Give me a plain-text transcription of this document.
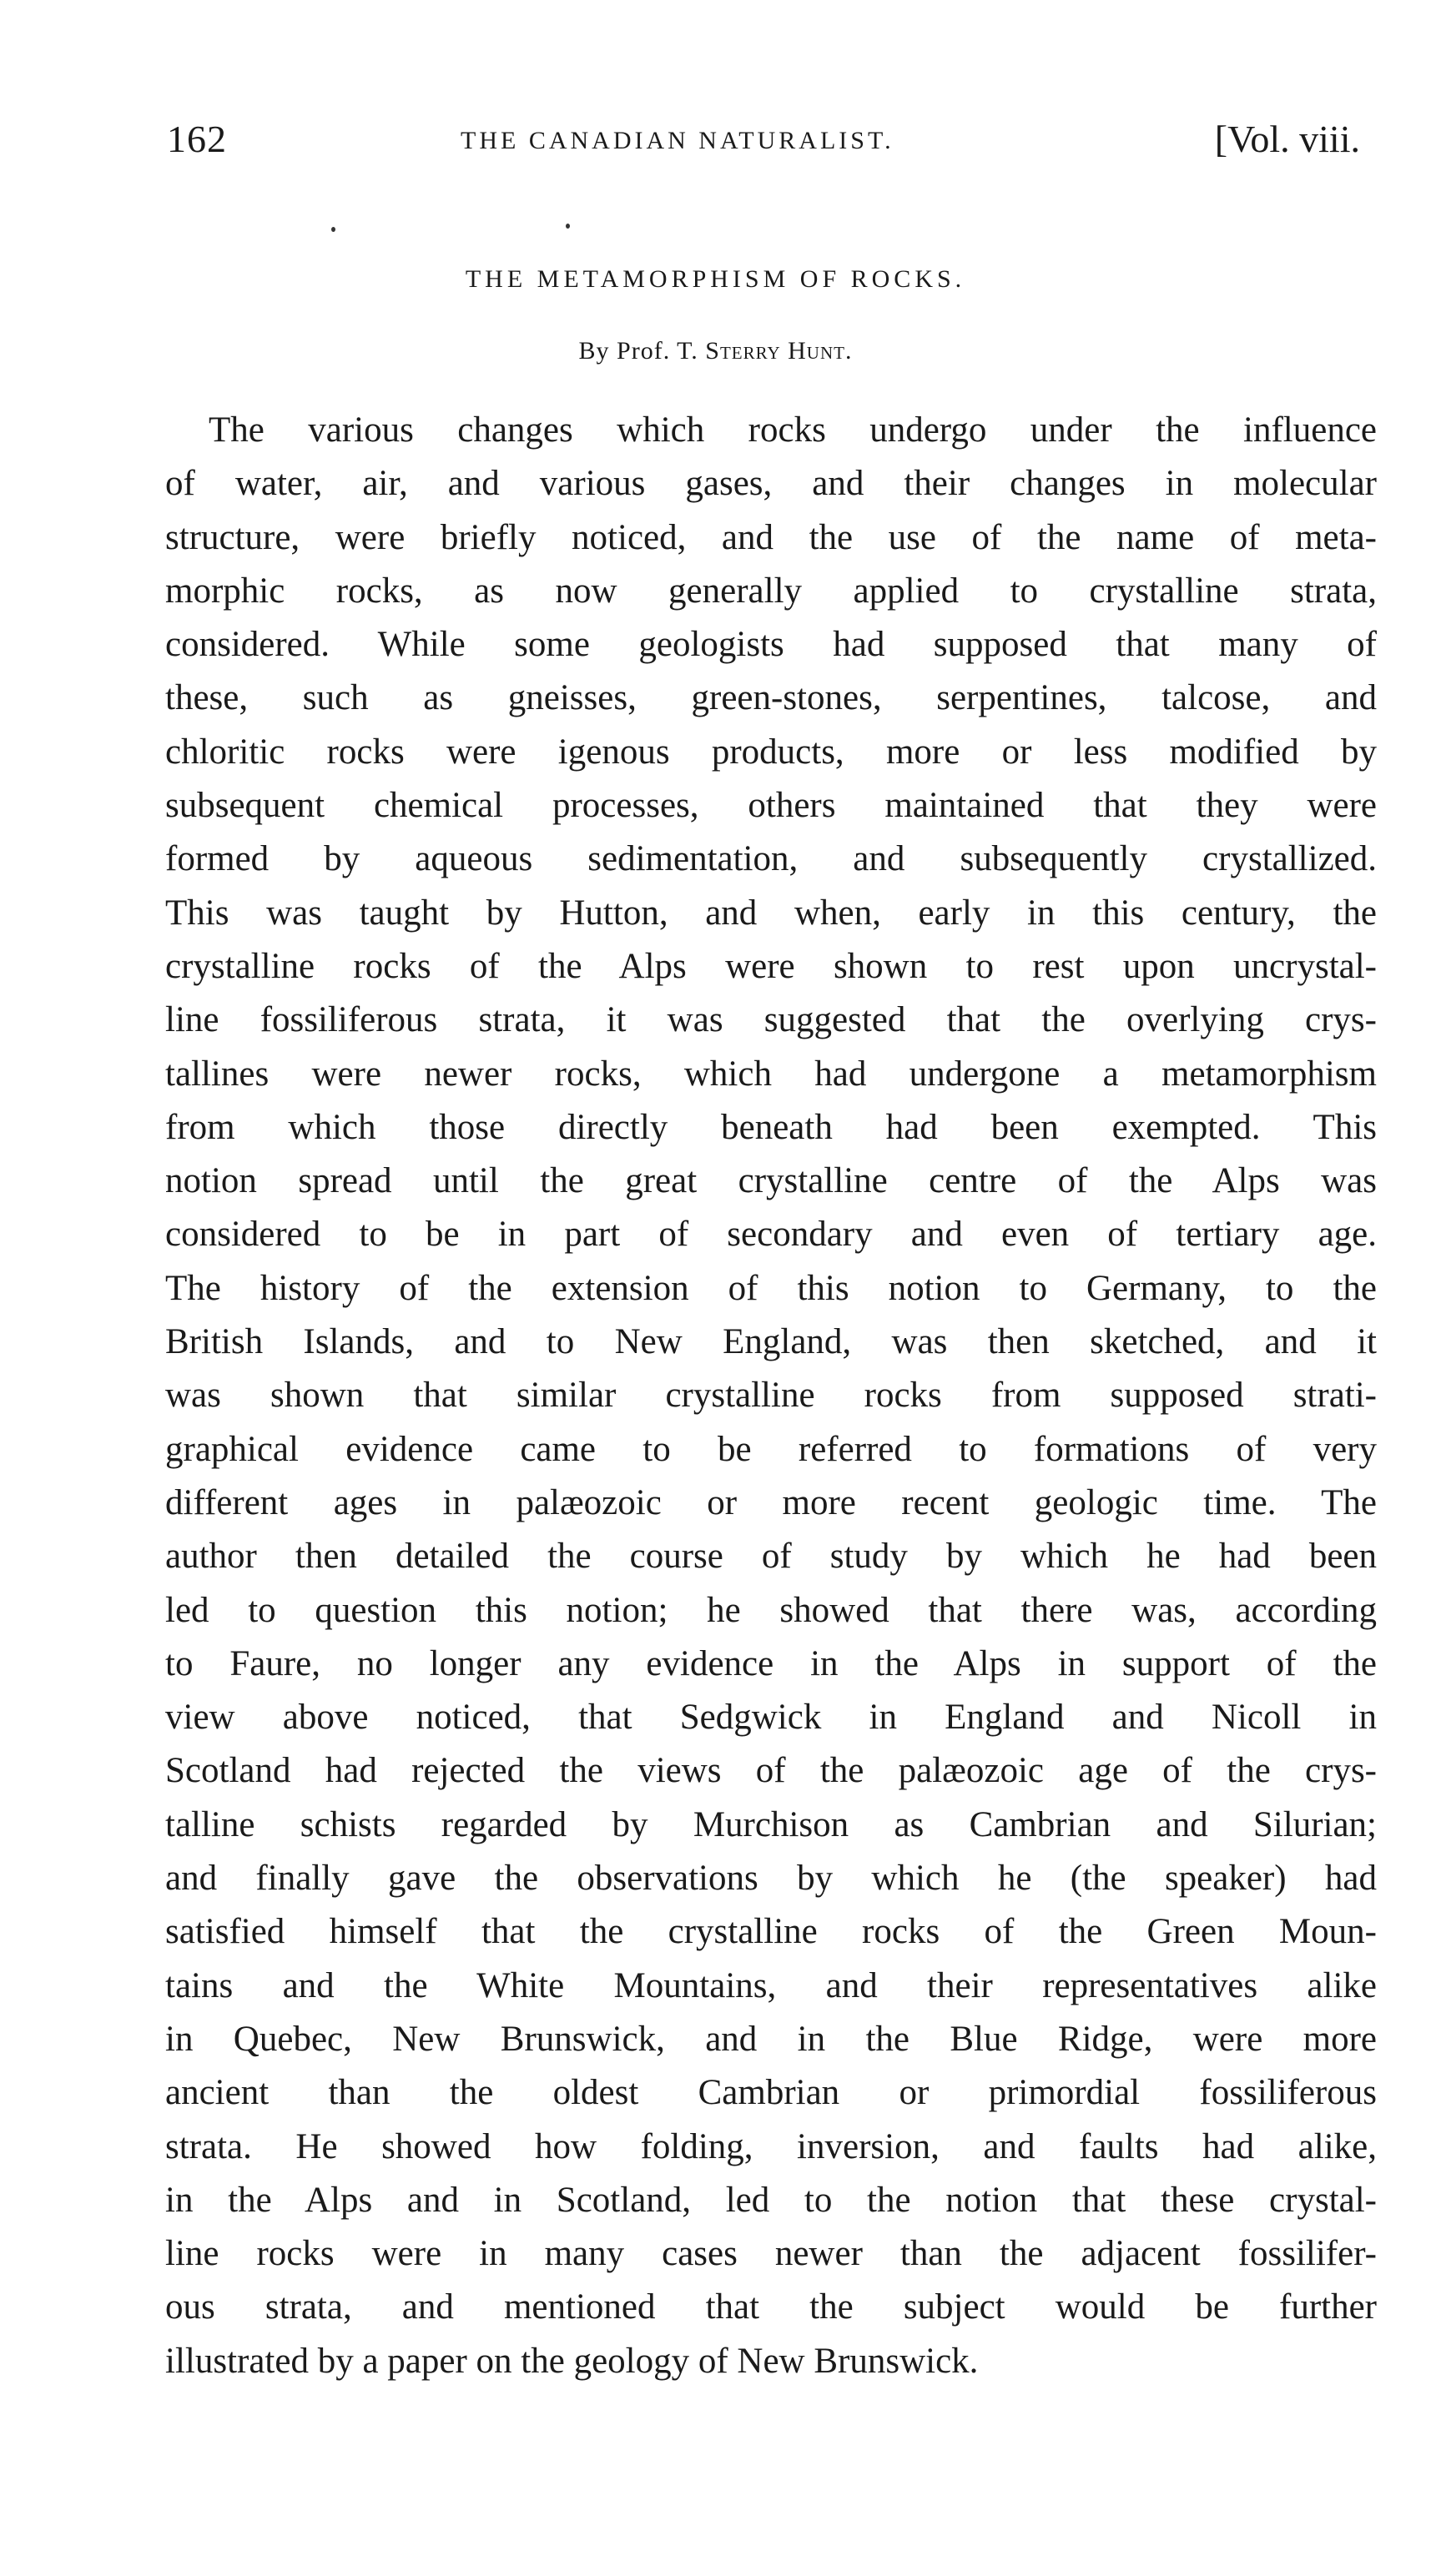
162	THE CANADIAN NATURALIST.	[Vol. viii.
THE METAMORPHISM OF ROCKS.
By Prof. T. Sterry Hunt.
The various changes which rocks undergo under the influence
of water, air, and various gases, and their changes in molecular
structure, were briefly noticed, and the use of the name of meta-
morphic rocks, as now generally applied to crystalline strata,
considered. While some geologists had supposed that many of
these, such as gneisses, green-stones, serpentines, talcose, and
chloritic rocks were igenous products, more or less modified by
subsequent chemical processes, others maintained that they were
formed by aqueous sedimentation, and subsequently crystallized.
This was taught by Hutton, and when, early in this century, the
crystalline rocks of the Alps were shown to rest upon uncrystal-
line fossiliferous strata, it was suggested that the overlying crys-
tallines were newer rocks, which had undergone a metamorphism
from which those directly beneath had been exempted. This
notion spread until the great crystalline centre of the Alps was
considered to be in part of secondary and even of tertiary age.
The history of the extension of this notion to Germany, to the
British Islands, and to New England, was then sketched, and it
was shown that similar crystalline rocks from supposed strati-
graphical evidence came to be referred to formations of very
different ages in palæozoic or more recent geologic time. The
author then detailed the course of study by which he had been
led to question this notion; he showed that there was, according
to Faure, no longer any evidence in the Alps in support of the
view above noticed, that Sedgwick in England and Nicoll in
Scotland had rejected the views of the palæozoic age of the crys-
talline schists regarded by Murchison as Cambrian and Silurian;
and finally gave the observations by which he (the speaker) had
satisfied himself that the crystalline rocks of the Green Moun-
tains and the White Mountains, and their representatives alike
in Quebec, New Brunswick, and in the Blue Ridge, were more
ancient than the oldest Cambrian or primordial fossiliferous
strata. He showed how folding, inversion, and faults had alike,
in the Alps and in Scotland, led to the notion that these crystal-
line rocks were in many cases newer than the adjacent fossilifer-
ous strata, and mentioned that the subject would be further
illustrated by a paper on the geology of New Brunswick.
